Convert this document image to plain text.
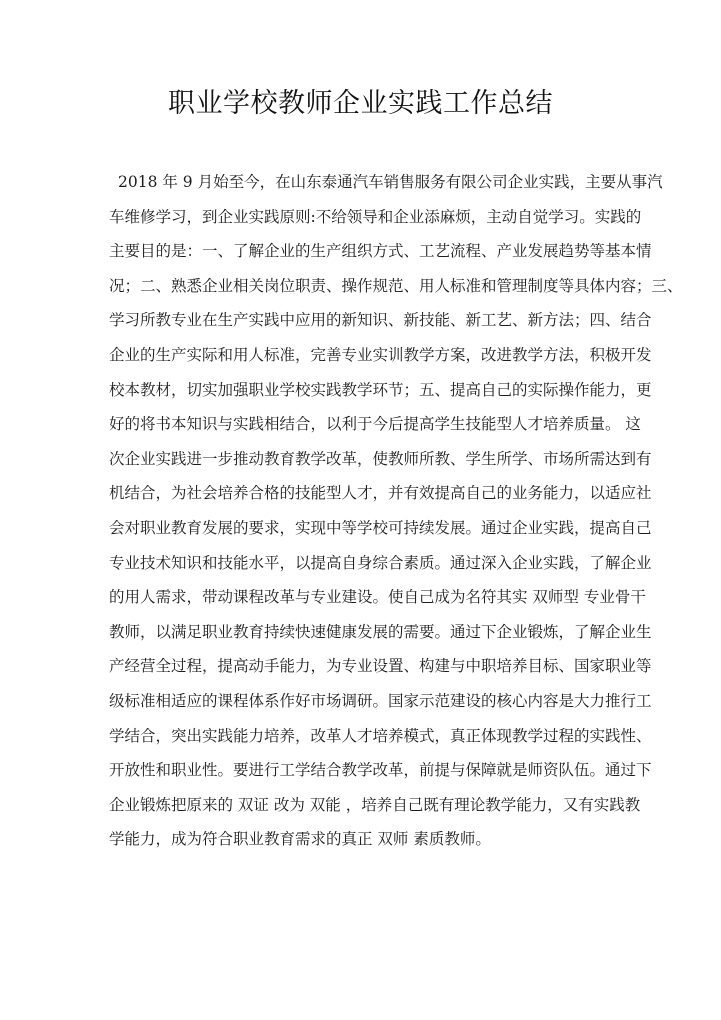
职业学校教师企业实践工作总结
2018 年 9 月始至今，在山东泰通汽车销售服务有限公司企业实践，主要从事汽
车维修学习，到企业实践原则:不给领导和企业添麻烦，主动自觉学习。实践的
主要目的是：一、了解企业的生产组织方式、工艺流程、产业发展趋势等基本情
况；二、熟悉企业相关岗位职责、操作规范、用人标准和管理制度等具体内容；三、
学习所教专业在生产实践中应用的新知识、新技能、新工艺、新方法；四、结合
企业的生产实际和用人标准，完善专业实训教学方案，改进教学方法，积极开发
校本教材，切实加强职业学校实践教学环节；五、提高自己的实际操作能力，更
好的将书本知识与实践相结合，以利于今后提高学生技能型人才培养质量。 这
次企业实践进一步推动教育教学改革，使教师所教、学生所学、市场所需达到有
机结合，为社会培养合格的技能型人才，并有效提高自己的业务能力，以适应社
会对职业教育发展的要求，实现中等学校可持续发展。通过企业实践，提高自己
专业技术知识和技能水平，以提高自身综合素质。通过深入企业实践，了解企业
的用人需求，带动课程改革与专业建设。使自己成为名符其实 双师型 专业骨干
教师，以满足职业教育持续快速健康发展的需要。通过下企业锻炼，了解企业生
产经营全过程，提高动手能力，为专业设置、构建与中职培养目标、国家职业等
级标准相适应的课程体系作好市场调研。国家示范建设的核心内容是大力推行工
学结合，突出实践能力培养，改革人才培养模式，真正体现教学过程的实践性、
开放性和职业性。要进行工学结合教学改革，前提与保障就是师资队伍。通过下
企业锻炼把原来的 双证 改为 双能 ，培养自己既有理论教学能力，又有实践教
学能力，成为符合职业教育需求的真正 双师 素质教师。
